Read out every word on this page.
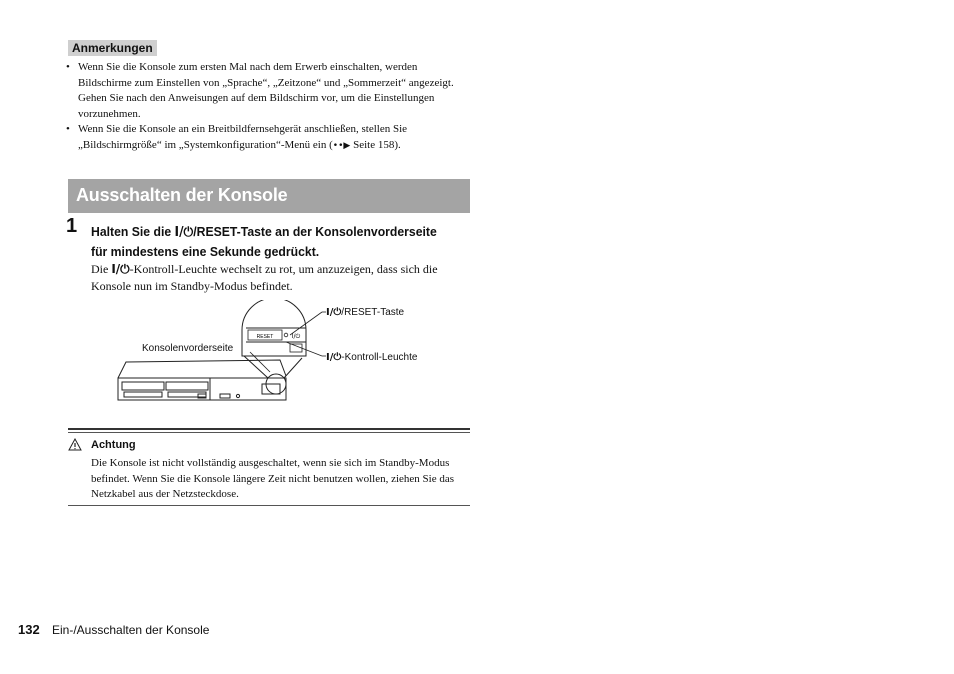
Anmerkungen
• Wenn Sie die Konsole zum ersten Mal nach dem Erwerb einschalten, werden Bildschirme zum Einstellen von „Sprache“, „Zeitzone“ und „Sommerzeit“ angezeigt. Gehen Sie nach den Anweisungen auf dem Bildschirm vor, um die Einstellungen vorzunehmen.
• Wenn Sie die Konsole an ein Breitbildfernsehgerät anschließen, stellen Sie „Bildschirmgröße“ im „Systemkonfiguration“-Menü ein (••▶ Seite 158).
Ausschalten der Konsole
1 Halten Sie die I/⏻/RESET-Taste an der Konsolenvorderseite für mindestens eine Sekunde gedrückt.
Die I/⏻-Kontroll-Leuchte wechselt zu rot, um anzuzeigen, dass sich die Konsole nun im Standby-Modus befindet.
RESET	I/⏻
Konsolenvorderseite
I/⏻/RESET-Taste
I/⏻-Kontroll-Leuchte
Achtung
Die Konsole ist nicht vollständig ausgeschaltet, wenn sie sich im Standby-Modus befindet. Wenn Sie die Konsole längere Zeit nicht benutzen wollen, ziehen Sie das Netzkabel aus der Netzsteckdose.
132 Ein-/Ausschalten der Konsole
